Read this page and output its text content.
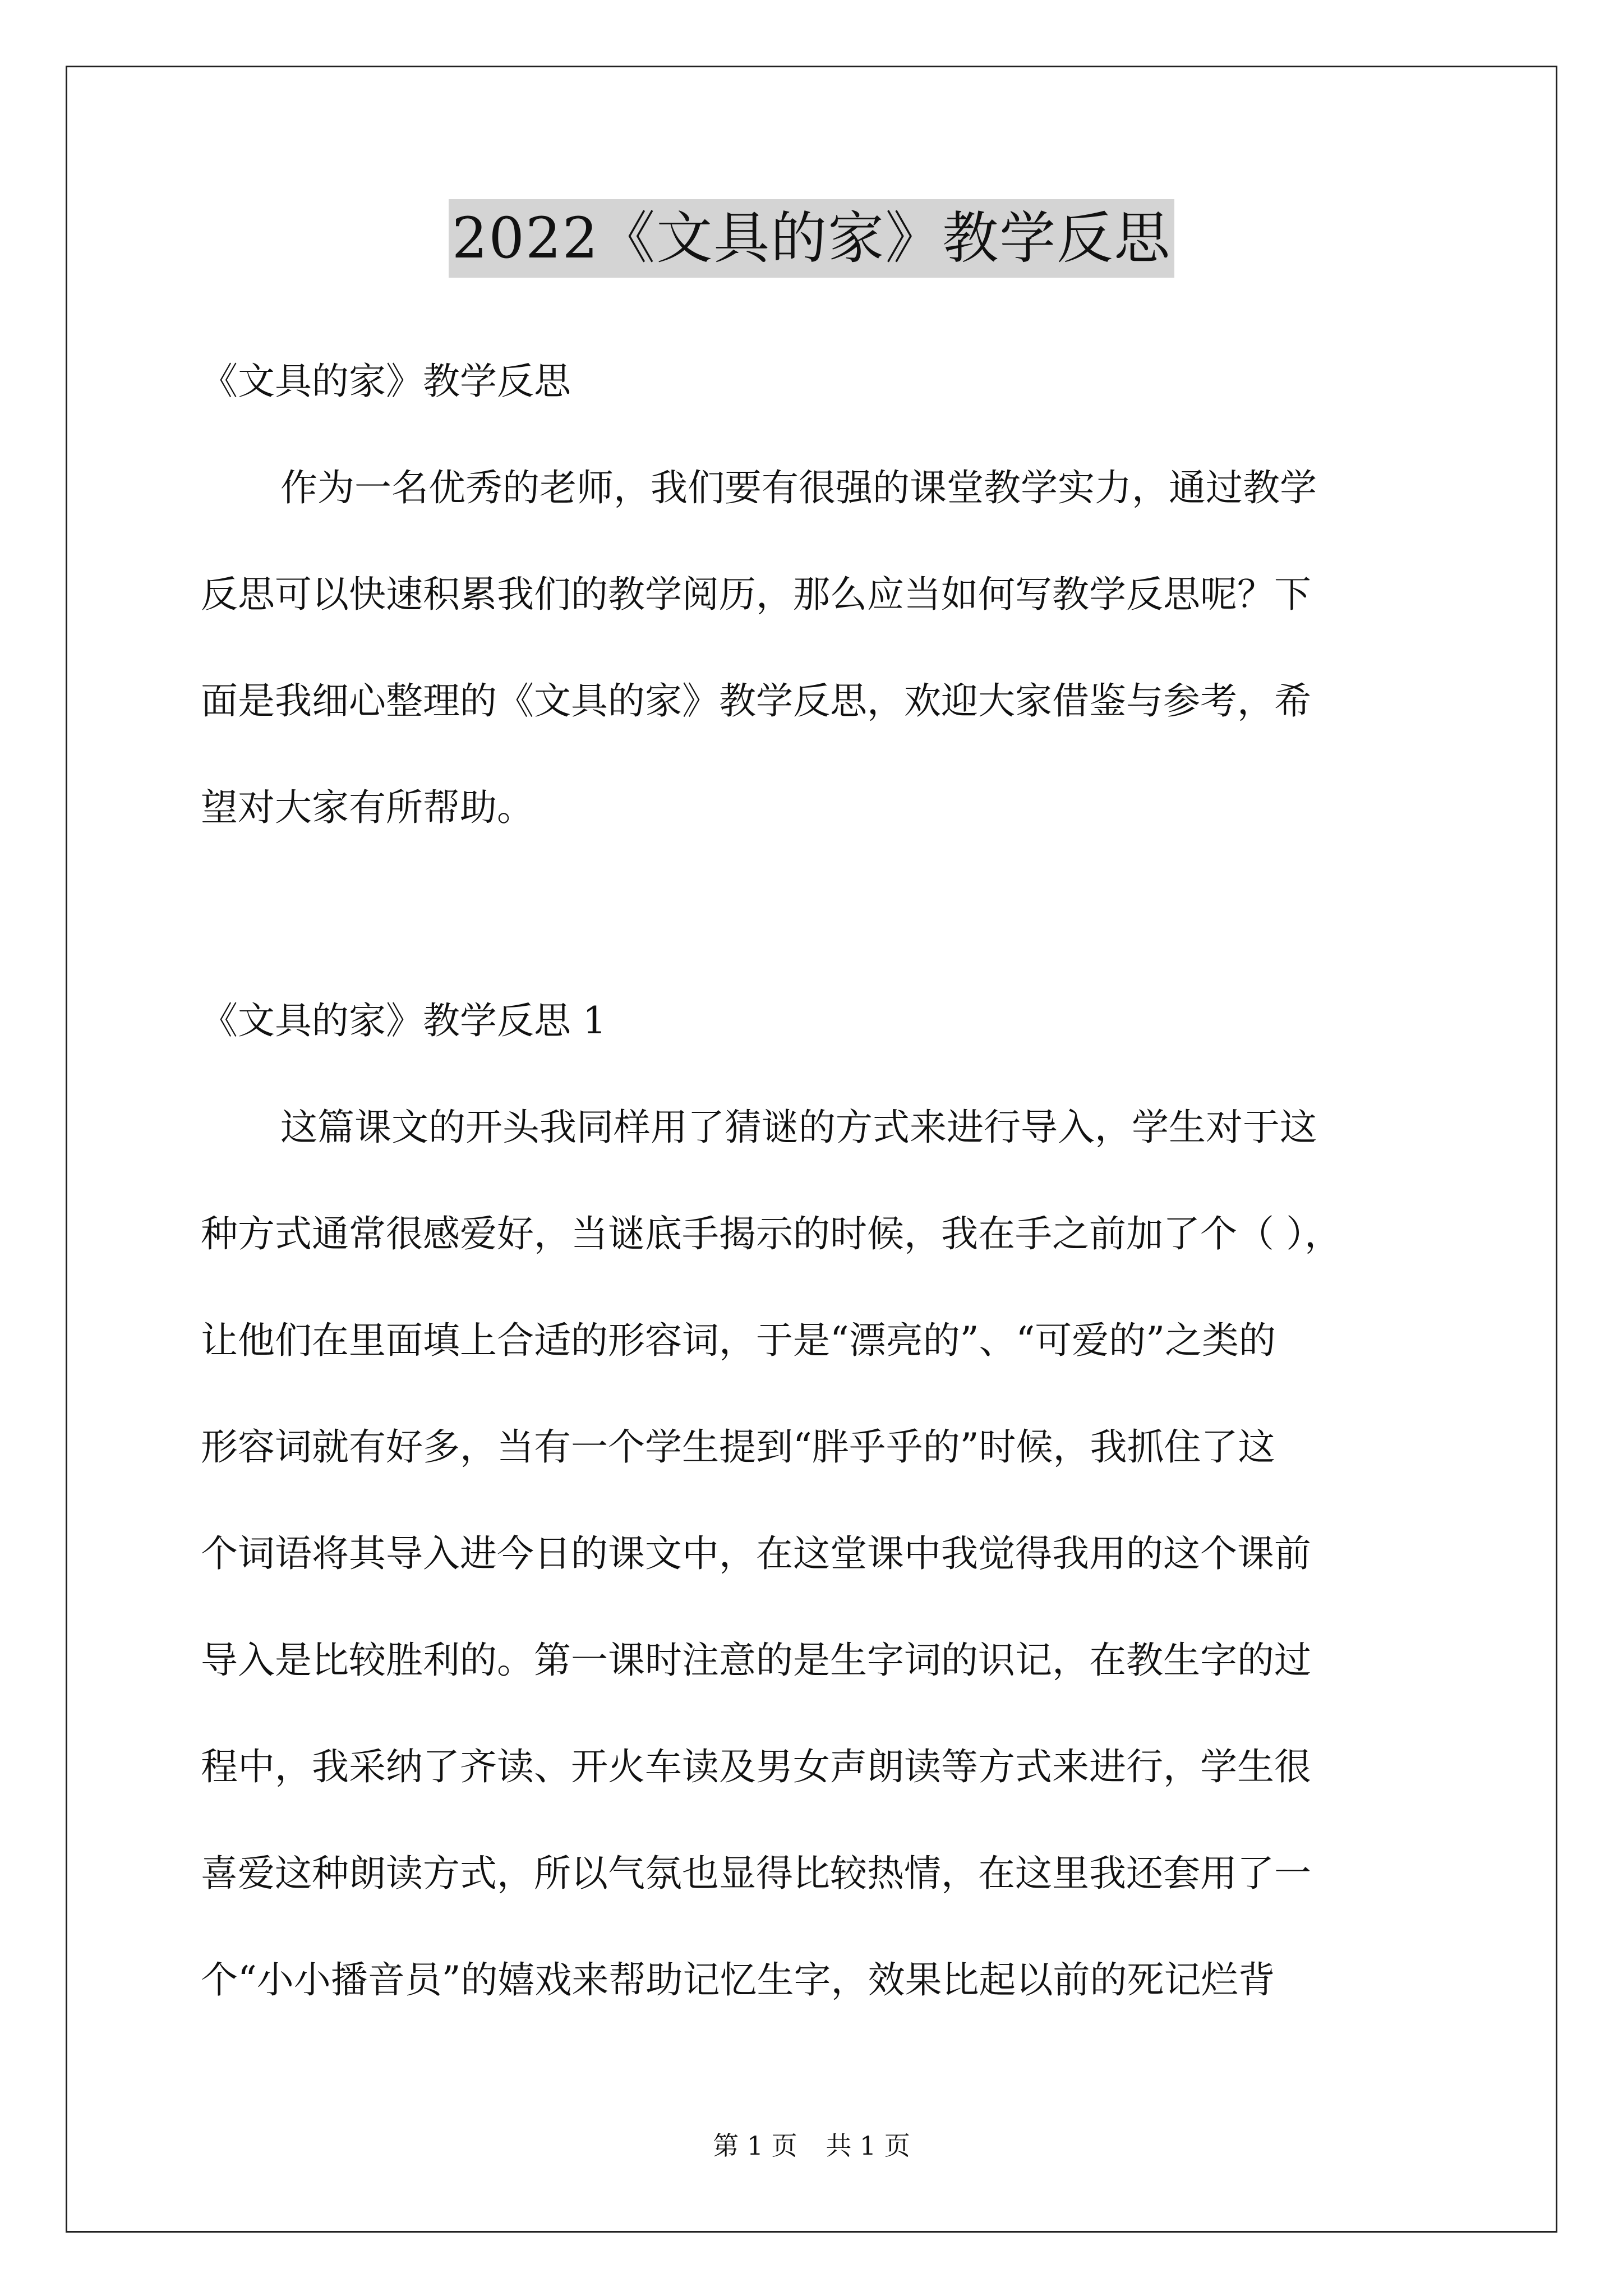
2022《文具的家》教学反思
《文具的家》教学反思
作为一名优秀的老师，我们要有很强的课堂教学实力，通过教学
反思可以快速积累我们的教学阅历，那么应当如何写教学反思呢？下
面是我细心整理的《文具的家》教学反思，欢迎大家借鉴与参考，希
望对大家有所帮助。
《文具的家》教学反思 1
这篇课文的开头我同样用了猜谜的方式来进行导入，学生对于这
种方式通常很感爱好，当谜底手揭示的时候，我在手之前加了个（ ），
让他们在里面填上合适的形容词，于是“漂亮的”、“可爱的”之类的
形容词就有好多，当有一个学生提到“胖乎乎的”时候，我抓住了这
个词语将其导入进今日的课文中，在这堂课中我觉得我用的这个课前
导入是比较胜利的。第一课时注意的是生字词的识记，在教生字的过
程中，我采纳了齐读、开火车读及男女声朗读等方式来进行，学生很
喜爱这种朗读方式，所以气氛也显得比较热情，在这里我还套用了一
个“小小播音员”的嬉戏来帮助记忆生字，效果比起以前的死记烂背
第 1 页 共 1 页
